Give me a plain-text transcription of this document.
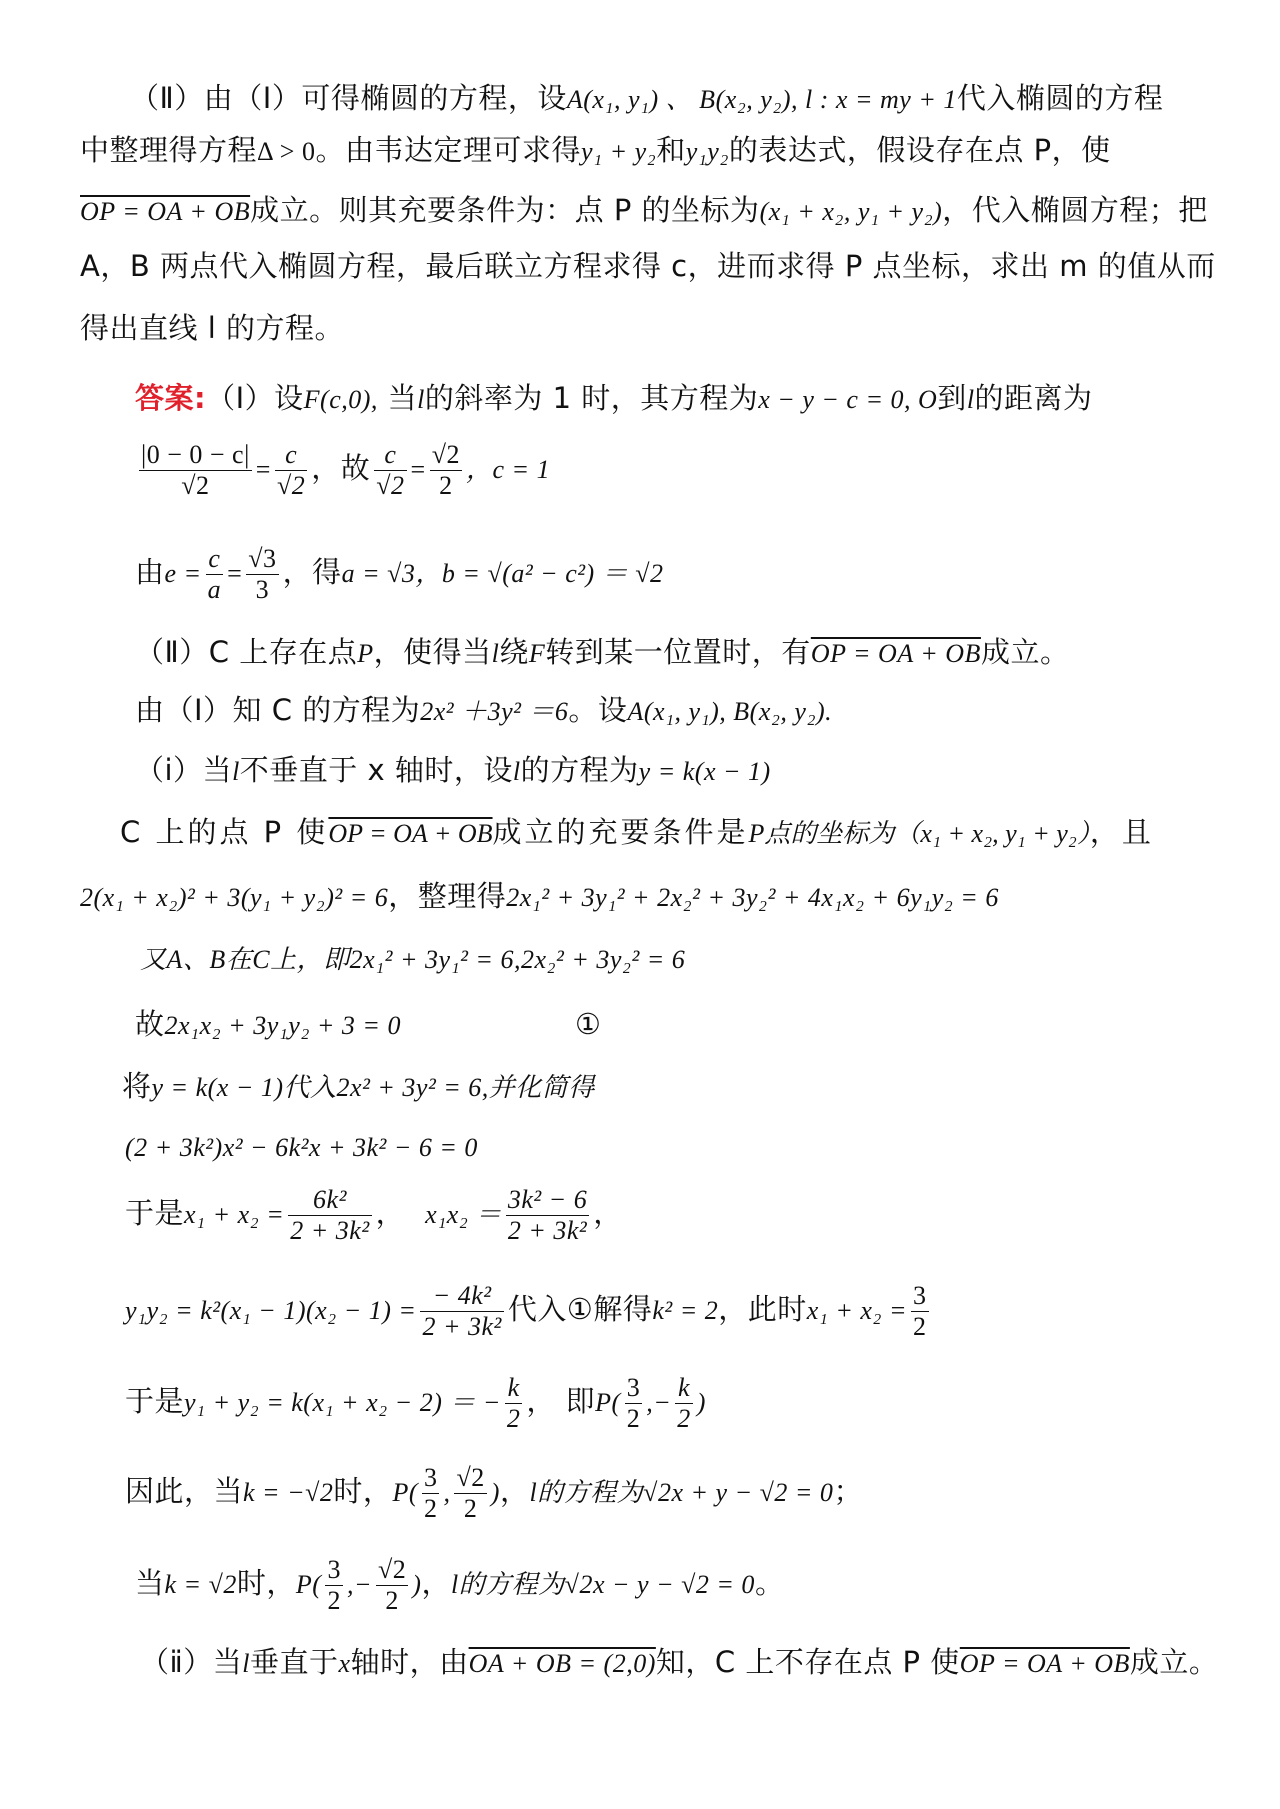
（Ⅱ）由（Ⅰ）可得椭圆的方程，设A(x₁, y₁) 、 B(x₂, y₂), l : x = my + 1代入椭圆的方程
中整理得方程Δ > 0。由韦达定理可求得y₁ + y₂和y₁y₂的表达式，假设存在点 P，使
OP = OA + OB成立。则其充要条件为：点 P 的坐标为(x₁ + x₂, y₁ + y₂)，代入椭圆方程；把
A，B 两点代入椭圆方程，最后联立方程求得 c，进而求得 P 点坐标，求出 m 的值从而
得出直线 l 的方程。
答案:（Ⅰ）设F(c,0), 当l的斜率为 1 时，其方程为x − y − c = 0, O到l的距离为
$\frac{|0 - 0 - c|}{√2} = \frac{c}{√2}$ ，故 $\frac{c}{√2} = \frac{√2}{2}$ ，c = 1
由$e = \frac{c}{a} = \frac{√3}{3}$ ，得a = √3，b = √(a² − c²) ＝ √2
（Ⅱ）C 上存在点P，使得当l绕F转到某一位置时，有OP = OA + OB成立。
由（Ⅰ）知 C 的方程为2x² ＋3y² ＝6。设A(x₁, y₁), B(x₂, y₂).
（ⅰ）当l不垂直于 x 轴时，设l的方程为y = k(x − 1)
C 上的点 P 使OP = OA + OB成立的充要条件是P点的坐标为（x₁ + x₂, y₁ + y₂），且
2(x₁ + x₂)² + 3(y₁ + y₂)² = 6，整理得2x₁² + 3y₁² + 2x₂² + 3y₂² + 4x₁x₂ + 6y₁y₂ = 6
又A、B在C上，即2x₁² + 3y₁² = 6,2x₂² + 3y₂² = 6
故2x₁x₂ + 3y₁y₂ + 3 = 0	①
将y = k(x − 1)代入2x² + 3y² = 6,并化简得
(2 + 3k²)x² − 6k²x + 3k² − 6 = 0
于是$x_1 + x_2 = \frac{\text{6k²}}{\text{2 + 3k²}}$ ， $x_1x_2 = \frac{\text{3k² − 6}}{\text{2 + 3k²}}$ ，
$y_1y_2 = k^2(x_1 - 1)(x_2 - 1) = \frac{\text{− 4k²}}{\text{2 + 3k²}}$ 代入①解得k² = 2，此时$x_1 + x_2 = \frac{3}{2}$
于是y₁ + y₂ = k(x₁ + x₂ − 2) ＝ − $\frac{k}{2}$ ， 即$P( \frac{3}{2}$ ,− $\frac{k}{2}$ )
因此，当k = −√2时，$P( \frac{3}{2}$ , $\frac{√2}{2}$ )，l的方程为√2x + y − √2 = 0；
当k = √2时，$P( \frac{3}{2}$ ,− $\frac{√2}{2}$ )，l的方程为√2x − y − √2 = 0。
（ⅱ）当l垂直于x轴时，由OA + OB = (2,0)知，C 上不存在点 P 使OP = OA + OB成立。
